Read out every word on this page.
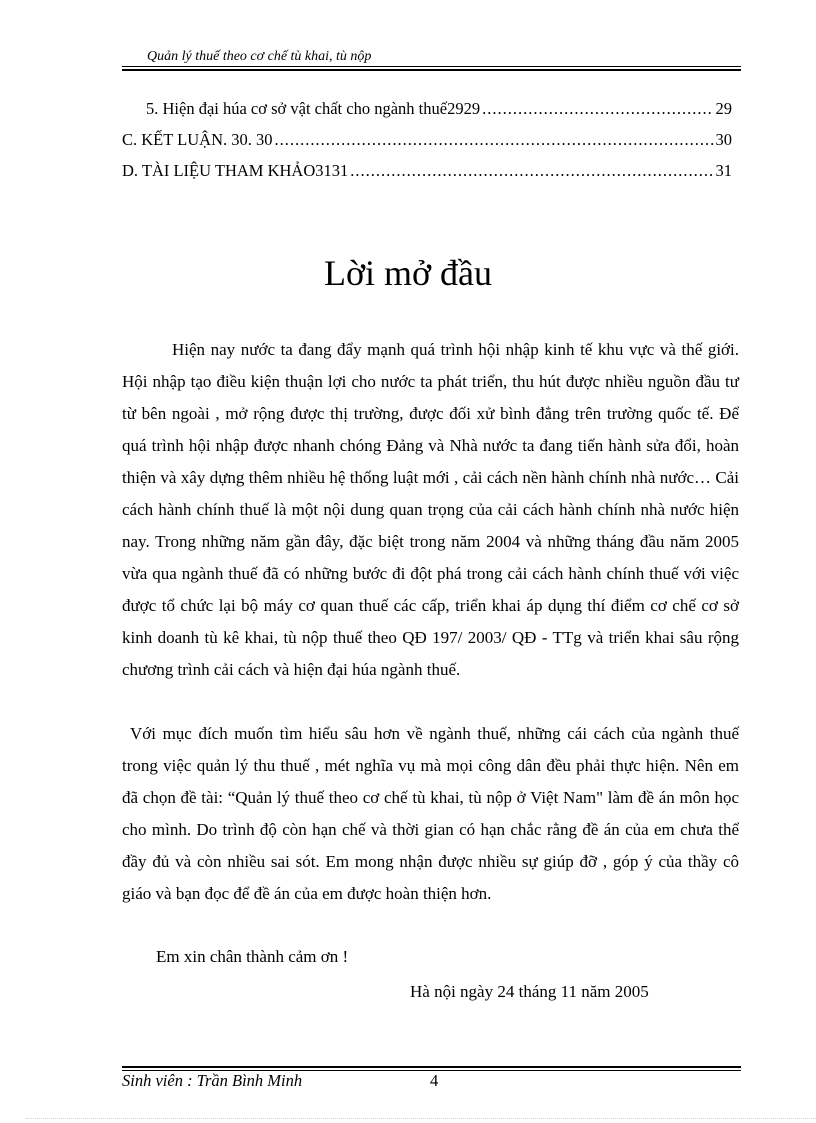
Quản lý thuế theo cơ chế tù khai, tù nộp
5. Hiện đại húa cơ sở vật chất cho ngành thuế2929 .....	29
C. KẾT LUẬN. 30. 30 .....	30
D. TÀI LIỆU THAM KHẢO3131 .....	31
Lời mở đầu

Hiện nay nước ta đang đẩy mạnh quá trình hội nhập kinh tế khu vực và thế giới. Hội nhập tạo điều kiện thuận lợi cho nước ta phát triển, thu hút được nhiều nguồn đầu tư từ bên ngoài , mở rộng được thị trường, được đối xử bình đẳng trên trường quốc tế. Để quá trình hội nhập được nhanh chóng Đảng và Nhà nước ta đang tiến hành sửa đổi, hoàn thiện và xây dựng thêm nhiều hệ thống luật mới , cải cách nền hành chính nhà nước… Cải cách hành chính thuế là một nội dung quan trọng của cải cách hành chính nhà nước hiện nay. Trong những năm gần đây, đặc biệt trong năm 2004 và những tháng đầu năm 2005 vừa qua ngành thuế đã có những bước đi đột phá trong cải cách hành chính thuế với việc được tổ chức lại bộ máy cơ quan thuế các cấp, triển khai áp dụng thí điểm cơ chế cơ sở kinh doanh tù kê khai, tù nộp thuế theo QĐ 197/ 2003/ QĐ - TTg và triển khai sâu rộng chương trình cải cách và hiện đại húa ngành thuế.

Với mục đích muốn tìm hiểu sâu hơn về ngành thuế, những cái cách của ngành thuế trong việc quản lý thu thuế , mét nghĩa vụ mà mọi công dân đều phải thực hiện. Nên em đã chọn đề tài: “Quản lý thuế theo cơ chế tù khai, tù nộp ở Việt Nam" làm đề án môn học cho mình. Do trình độ còn hạn chế và thời gian có hạn chắc rằng đề án của em chưa thể đầy đủ và còn nhiều sai sót. Em mong nhận được nhiều sự giúp đỡ , góp ý của thầy cô giáo và bạn đọc để đề án của em được hoàn thiện hơn.

Em xin chân thành cảm ơn !
Hà nội ngày 24 tháng 11 năm 2005
Sinh viên : Trần Bình Minh	4
